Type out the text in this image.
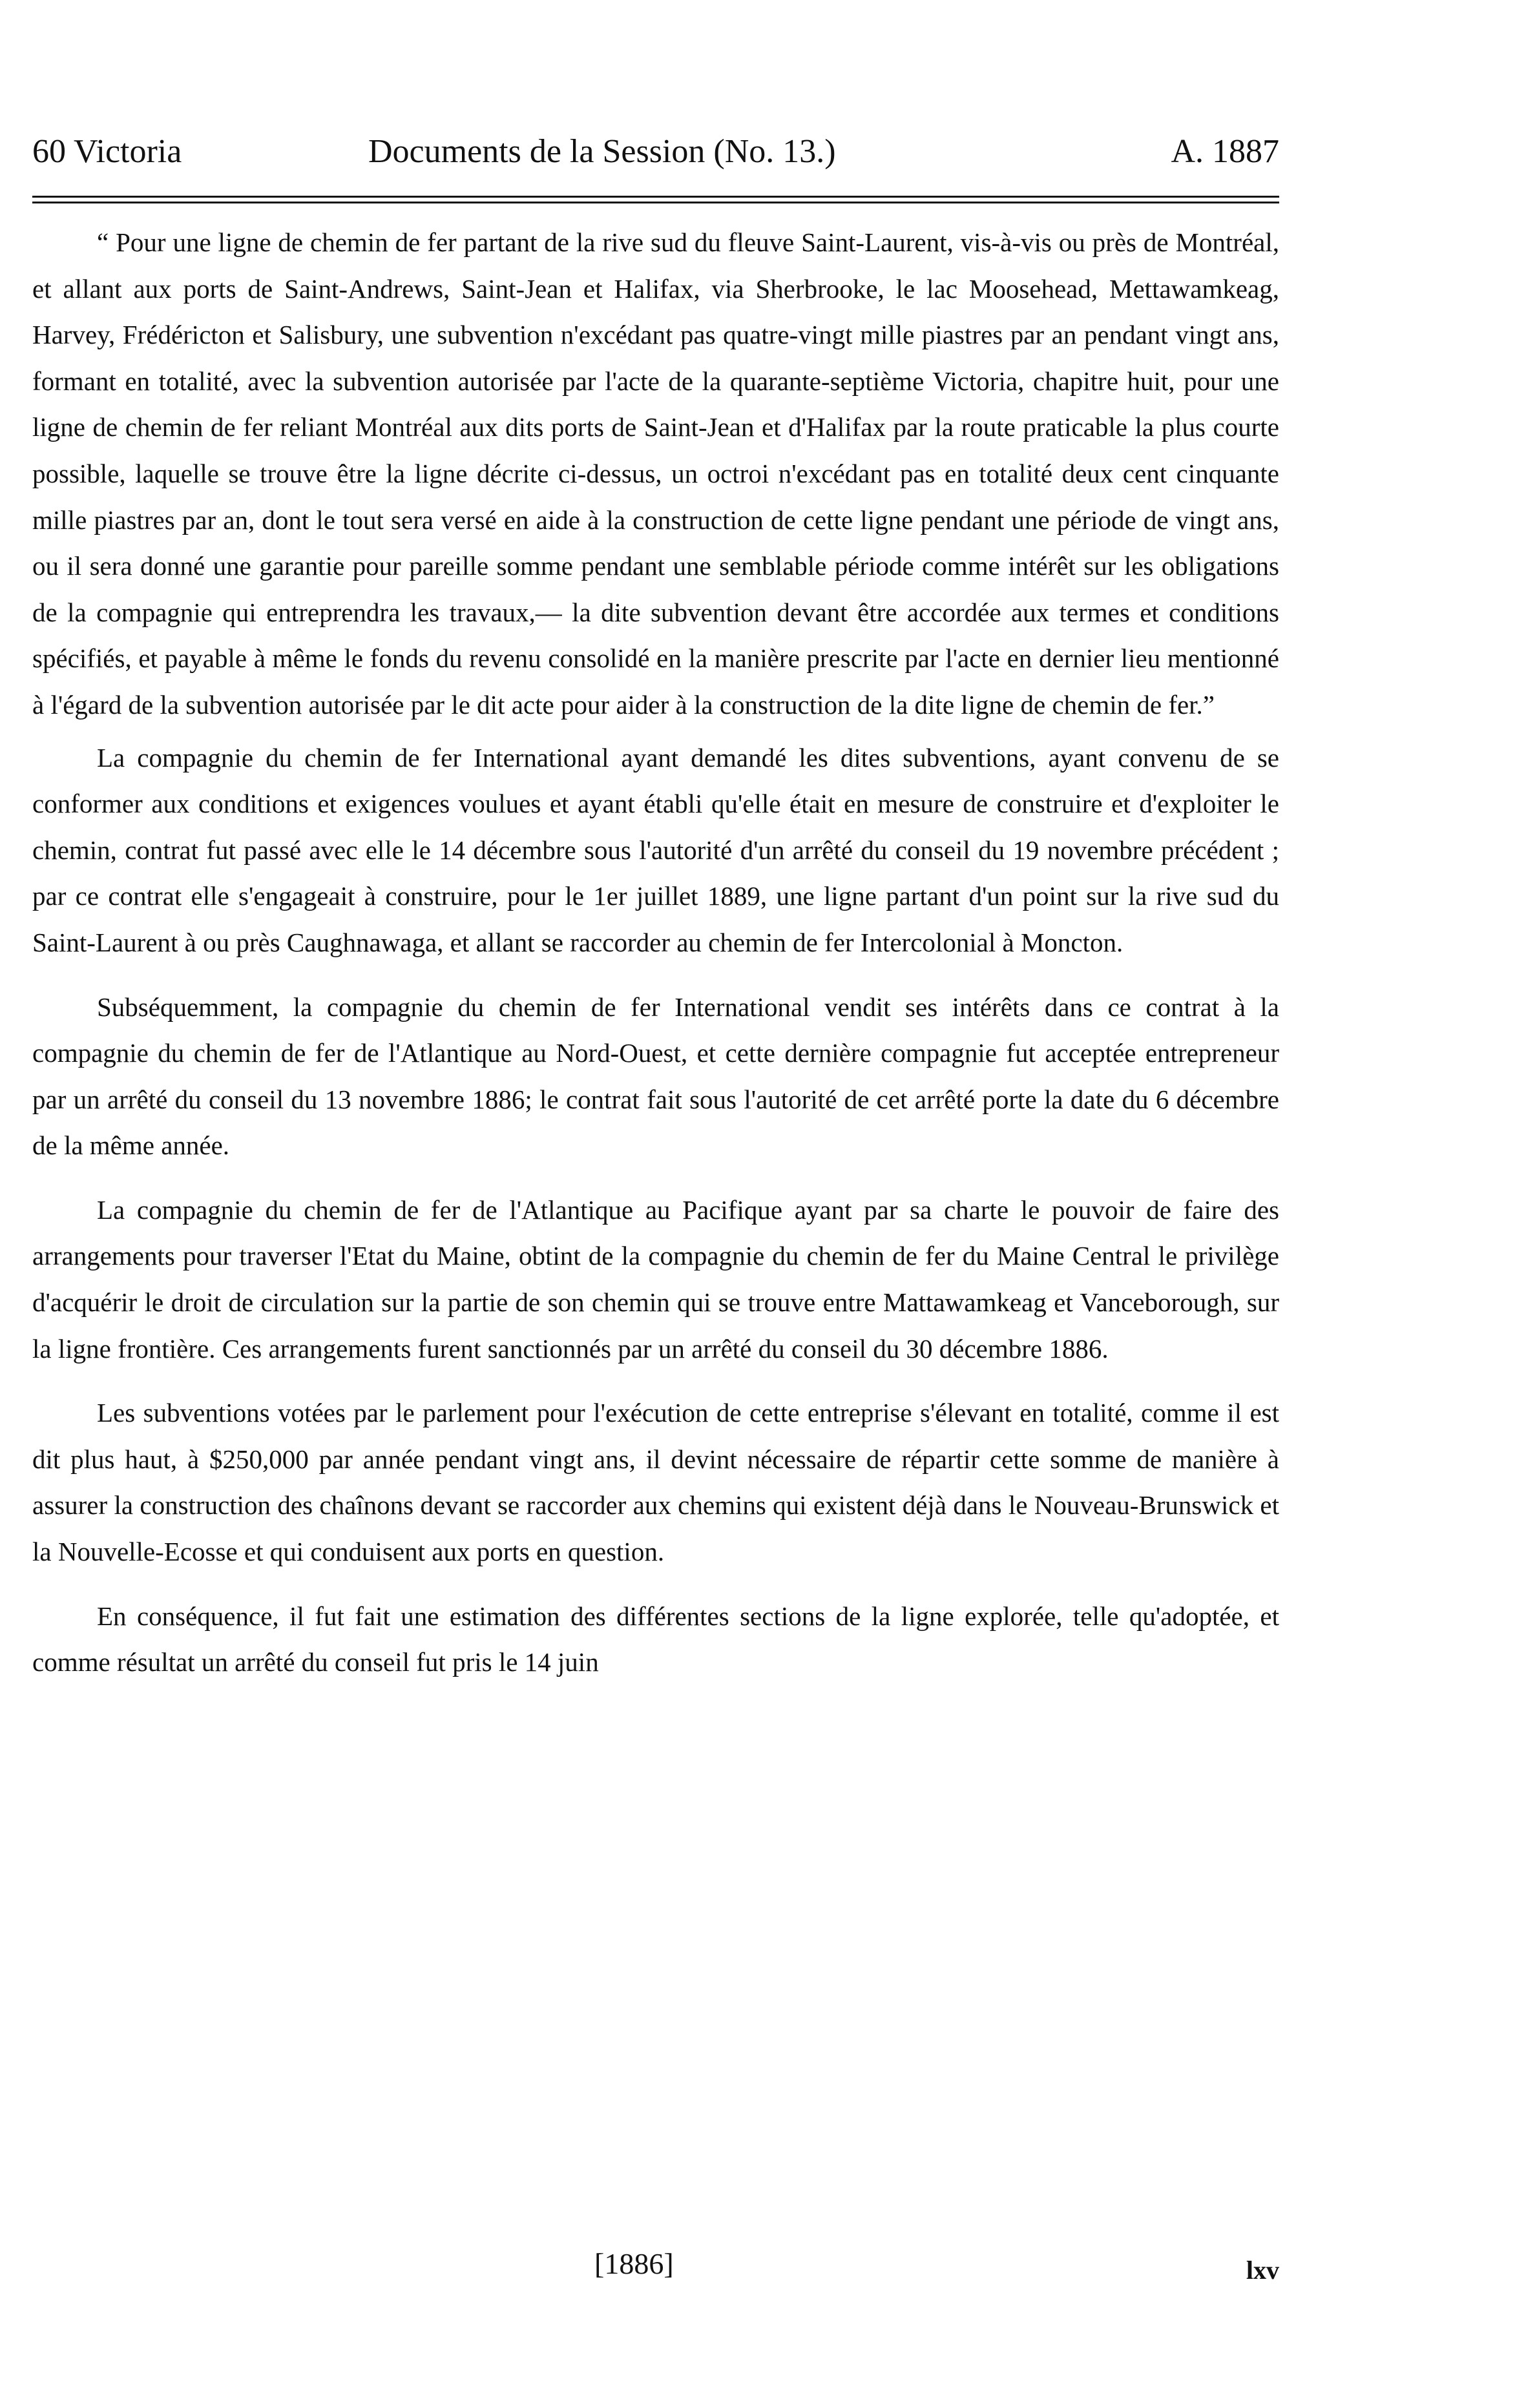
60 Victoria	Documents de la Session (No. 13.)	A. 1887

“ Pour une ligne de chemin de fer partant de la rive sud du fleuve Saint-Laurent, vis-à-vis ou près de Montréal, et allant aux ports de Saint-Andrews, Saint-Jean et Halifax, via Sherbrooke, le lac Moosehead, Mettawamkeag, Harvey, Frédéricton et Salisbury, une subvention n'excédant pas quatre-vingt mille piastres par an pendant vingt ans, formant en totalité, avec la subvention autorisée par l'acte de la quarante-septième Victoria, chapitre huit, pour une ligne de chemin de fer reliant Montréal aux dits ports de Saint-Jean et d'Halifax par la route praticable la plus courte possible, laquelle se trouve être la ligne décrite ci-dessus, un octroi n'excédant pas en totalité deux cent cinquante mille piastres par an, dont le tout sera versé en aide à la construction de cette ligne pendant une période de vingt ans, ou il sera donné une garantie pour pareille somme pendant une semblable période comme intérêt sur les obligations de la compagnie qui entreprendra les travaux,— la dite subvention devant être accordée aux termes et conditions spécifiés, et payable à même le fonds du revenu consolidé en la manière prescrite par l'acte en dernier lieu mentionné à l'égard de la subvention autorisée par le dit acte pour aider à la construction de la dite ligne de chemin de fer.”

La compagnie du chemin de fer International ayant demandé les dites subventions, ayant convenu de se conformer aux conditions et exigences voulues et ayant établi qu'elle était en mesure de construire et d'exploiter le chemin, contrat fut passé avec elle le 14 décembre sous l'autorité d'un arrêté du conseil du 19 novembre précédent ; par ce contrat elle s'engageait à construire, pour le 1er juillet 1889, une ligne partant d'un point sur la rive sud du Saint-Laurent à ou près Caughnawaga, et allant se raccorder au chemin de fer Intercolonial à Moncton.

Subséquemment, la compagnie du chemin de fer International vendit ses intérêts dans ce contrat à la compagnie du chemin de fer de l'Atlantique au Nord-Ouest, et cette dernière compagnie fut acceptée entrepreneur par un arrêté du conseil du 13 novembre 1886; le contrat fait sous l'autorité de cet arrêté porte la date du 6 décembre de la même année.

La compagnie du chemin de fer de l'Atlantique au Pacifique ayant par sa charte le pouvoir de faire des arrangements pour traverser l'Etat du Maine, obtint de la compagnie du chemin de fer du Maine Central le privilège d'acquérir le droit de circulation sur la partie de son chemin qui se trouve entre Mattawamkeag et Vanceborough, sur la ligne frontière. Ces arrangements furent sanctionnés par un arrêté du conseil du 30 décembre 1886.

Les subventions votées par le parlement pour l'exécution de cette entreprise s'élevant en totalité, comme il est dit plus haut, à $250,000 par année pendant vingt ans, il devint nécessaire de répartir cette somme de manière à assurer la construction des chaînons devant se raccorder aux chemins qui existent déjà dans le Nouveau-Brunswick et la Nouvelle-Ecosse et qui conduisent aux ports en question.

En conséquence, il fut fait une estimation des différentes sections de la ligne explorée, telle qu'adoptée, et comme résultat un arrêté du conseil fut pris le 14 juin

[1886]	lxv
